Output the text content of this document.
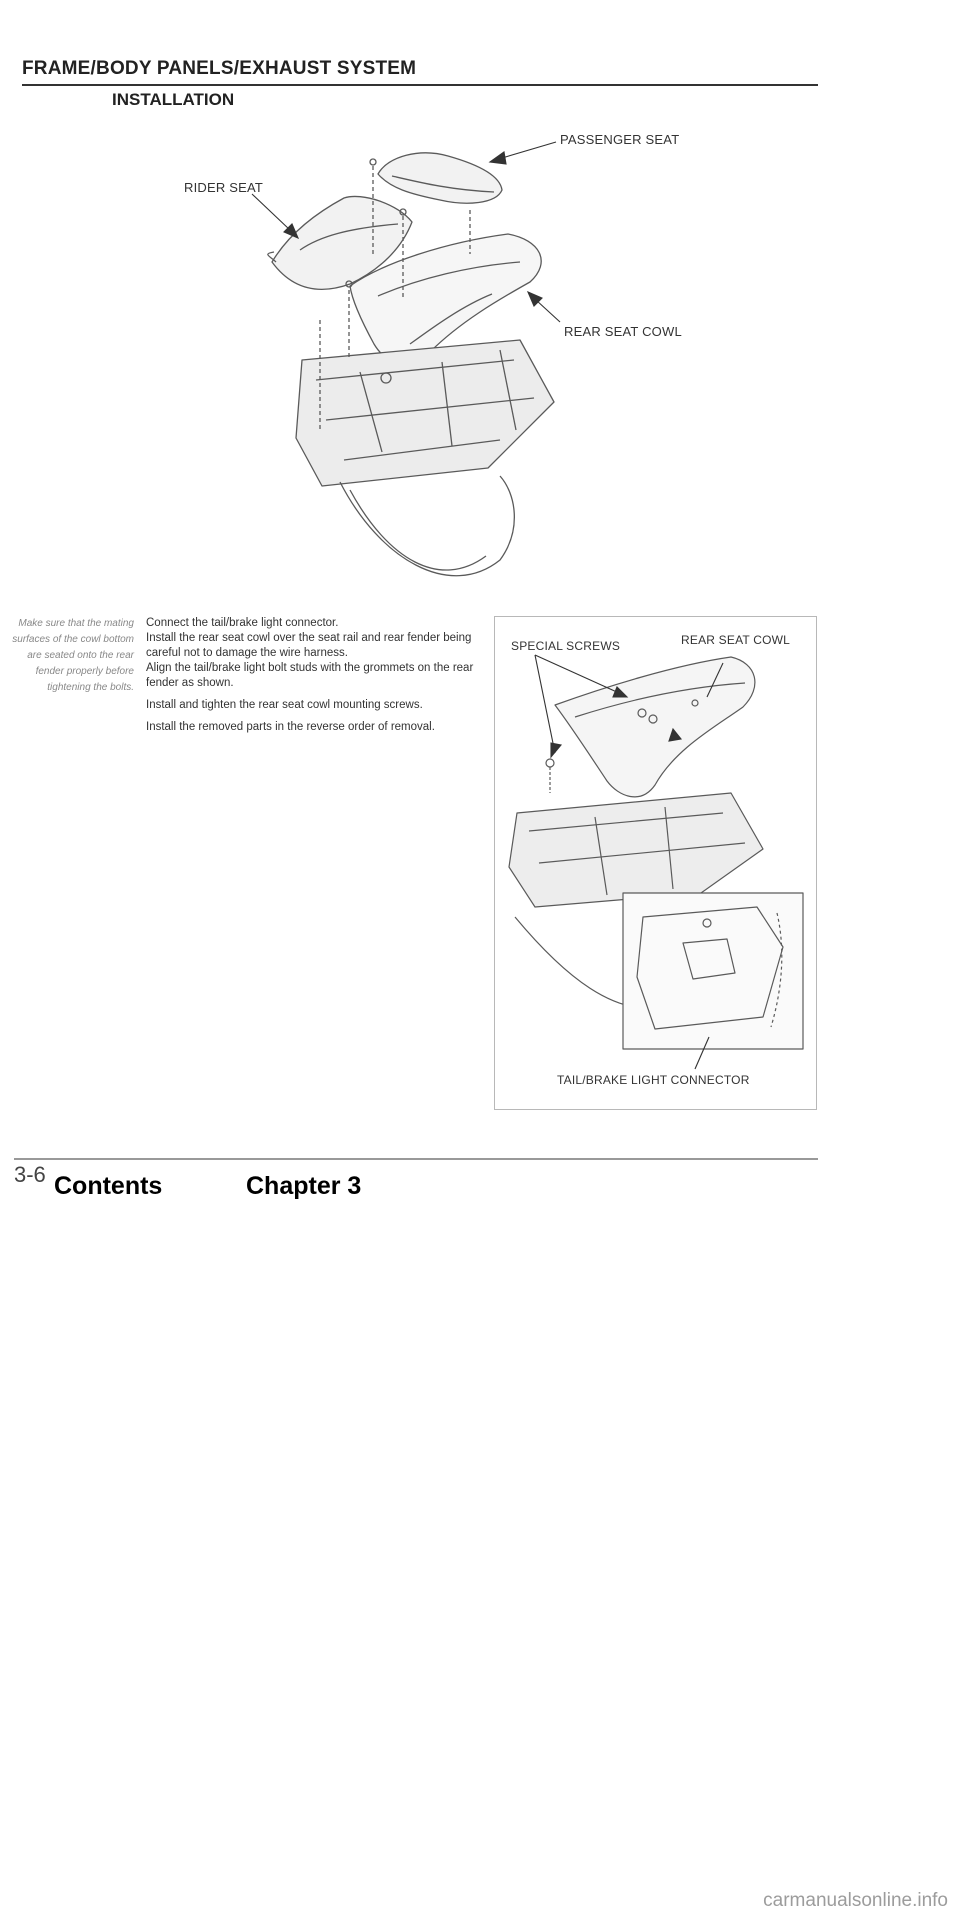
FRAME/BODY PANELS/EXHAUST SYSTEM
INSTALLATION
PASSENGER SEAT
RIDER SEAT
REAR SEAT COWL
Make sure that the mating surfaces of the cowl bottom are seated onto the rear fender properly before tightening the bolts.

Connect the tail/brake light connector.

Install the rear seat cowl over the seat rail and rear fender being careful not to damage the wire harness.

Align the tail/brake light bolt studs with the grommets on the rear fender as shown.

Install and tighten the rear seat cowl mounting screws.

Install the removed parts in the reverse order of removal.

SPECIAL SCREWS	REAR SEAT COWL
TAIL/BRAKE LIGHT CONNECTOR
3-6 Contents	Chapter 3
carmanualsonline.info
